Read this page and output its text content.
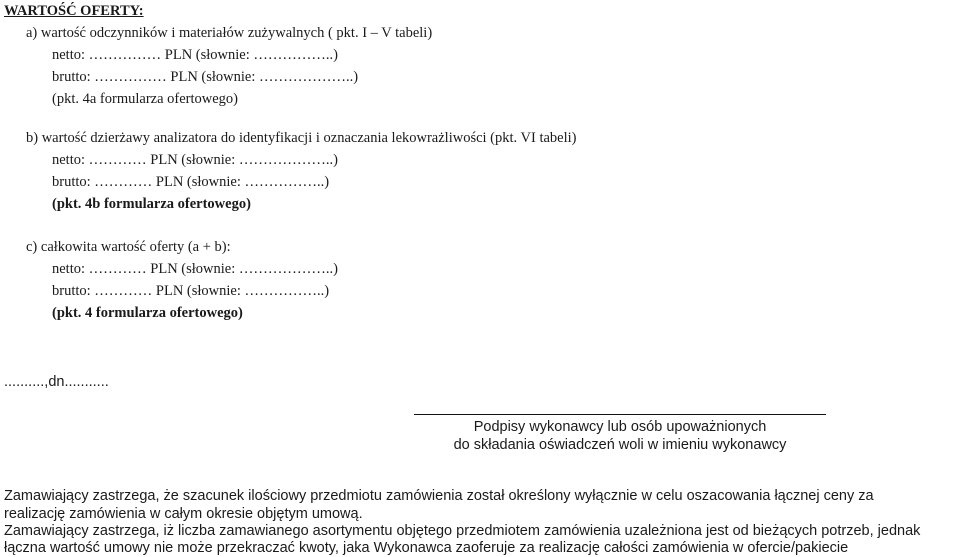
WARTOŚĆ OFERTY:
a) wartość odczynników i materiałów zużywalnych ( pkt. I – V tabeli)
netto: …………… PLN (słownie: ……………..)
brutto: …………… PLN (słownie: ………………..)
(pkt. 4a formularza ofertowego)
b) wartość dzierżawy analizatora do identyfikacji i oznaczania lekowrażliwości (pkt. VI tabeli)
netto: ………… PLN (słownie: ………………..)
brutto: ………… PLN (słownie: ……………..)
(pkt. 4b formularza ofertowego)
c) całkowita wartość oferty (a + b):
netto: ………… PLN (słownie: ………………..)
brutto: ………… PLN (słownie: ……………..)
(pkt. 4 formularza ofertowego)
..........,dn...........
Podpisy wykonawcy lub osób upoważnionych
do składania oświadczeń woli w imieniu wykonawcy
Zamawiający zastrzega, że szacunek ilościowy przedmiotu zamówienia został określony wyłącznie w celu oszacowania łącznej ceny za
realizację zamówienia w całym okresie objętym umową.
Zamawiający zastrzega, iż liczba zamawianego asortymentu objętego przedmiotem zamówienia uzależniona jest od bieżących potrzeb, jednak
łączna wartość umowy nie może przekraczać kwoty, jaka Wykonawca zaoferuje za realizację całości zamówienia w ofercie/pakiecie
